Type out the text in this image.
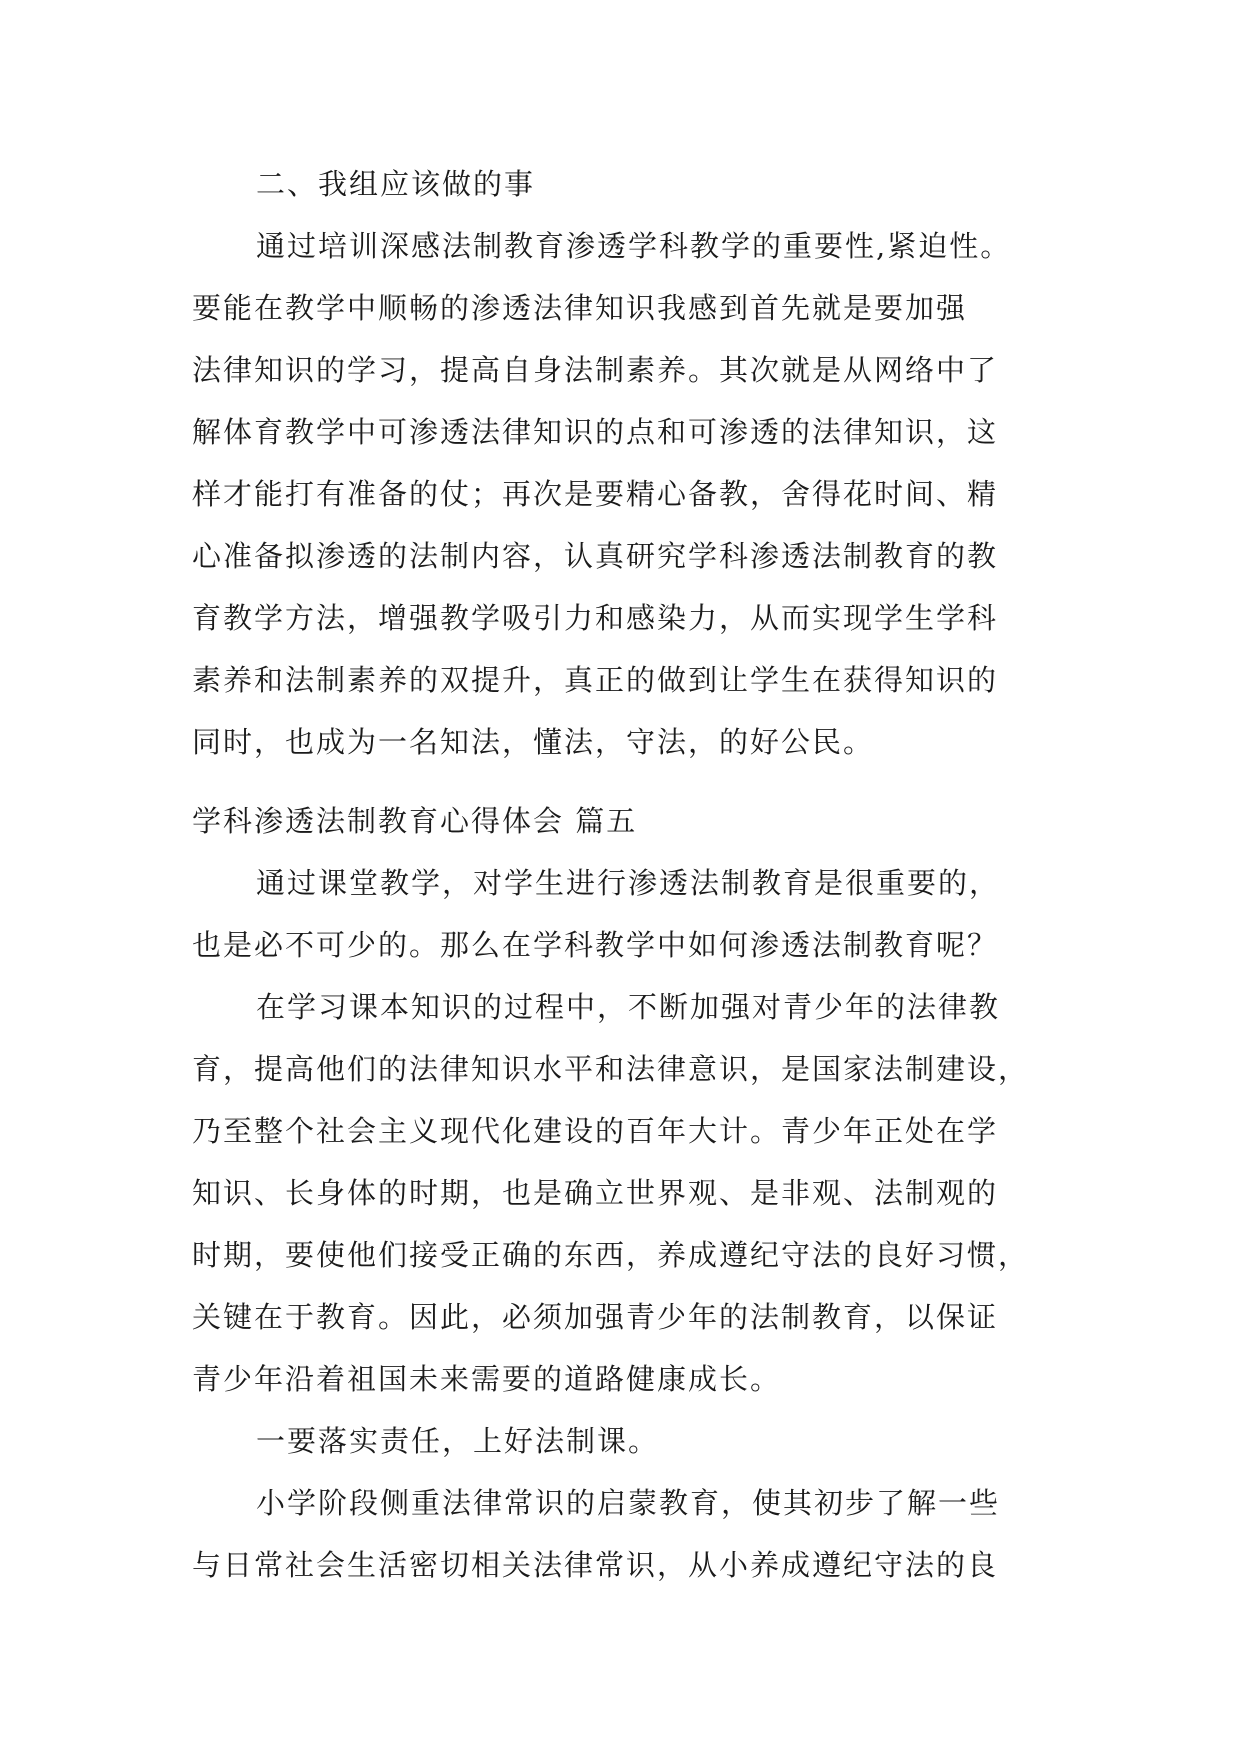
二、我组应该做的事
通过培训深感法制教育渗透学科教学的重要性,紧迫性。
要能在教学中顺畅的渗透法律知识我感到首先就是要加强
法律知识的学习，提高自身法制素养。其次就是从网络中了
解体育教学中可渗透法律知识的点和可渗透的法律知识，这
样才能打有准备的仗；再次是要精心备教，舍得花时间、精
心准备拟渗透的法制内容，认真研究学科渗透法制教育的教
育教学方法，增强教学吸引力和感染力，从而实现学生学科
素养和法制素养的双提升，真正的做到让学生在获得知识的
同时，也成为一名知法，懂法，守法，的好公民。
学科渗透法制教育心得体会 篇五
通过课堂教学，对学生进行渗透法制教育是很重要的，
也是必不可少的。那么在学科教学中如何渗透法制教育呢？
在学习课本知识的过程中，不断加强对青少年的法律教
育，提高他们的法律知识水平和法律意识，是国家法制建设，
乃至整个社会主义现代化建设的百年大计。青少年正处在学
知识、长身体的时期，也是确立世界观、是非观、法制观的
时期，要使他们接受正确的东西，养成遵纪守法的良好习惯，
关键在于教育。因此，必须加强青少年的法制教育，以保证
青少年沿着祖国未来需要的道路健康成长。
一要落实责任，上好法制课。
小学阶段侧重法律常识的启蒙教育，使其初步了解一些
与日常社会生活密切相关法律常识，从小养成遵纪守法的良
